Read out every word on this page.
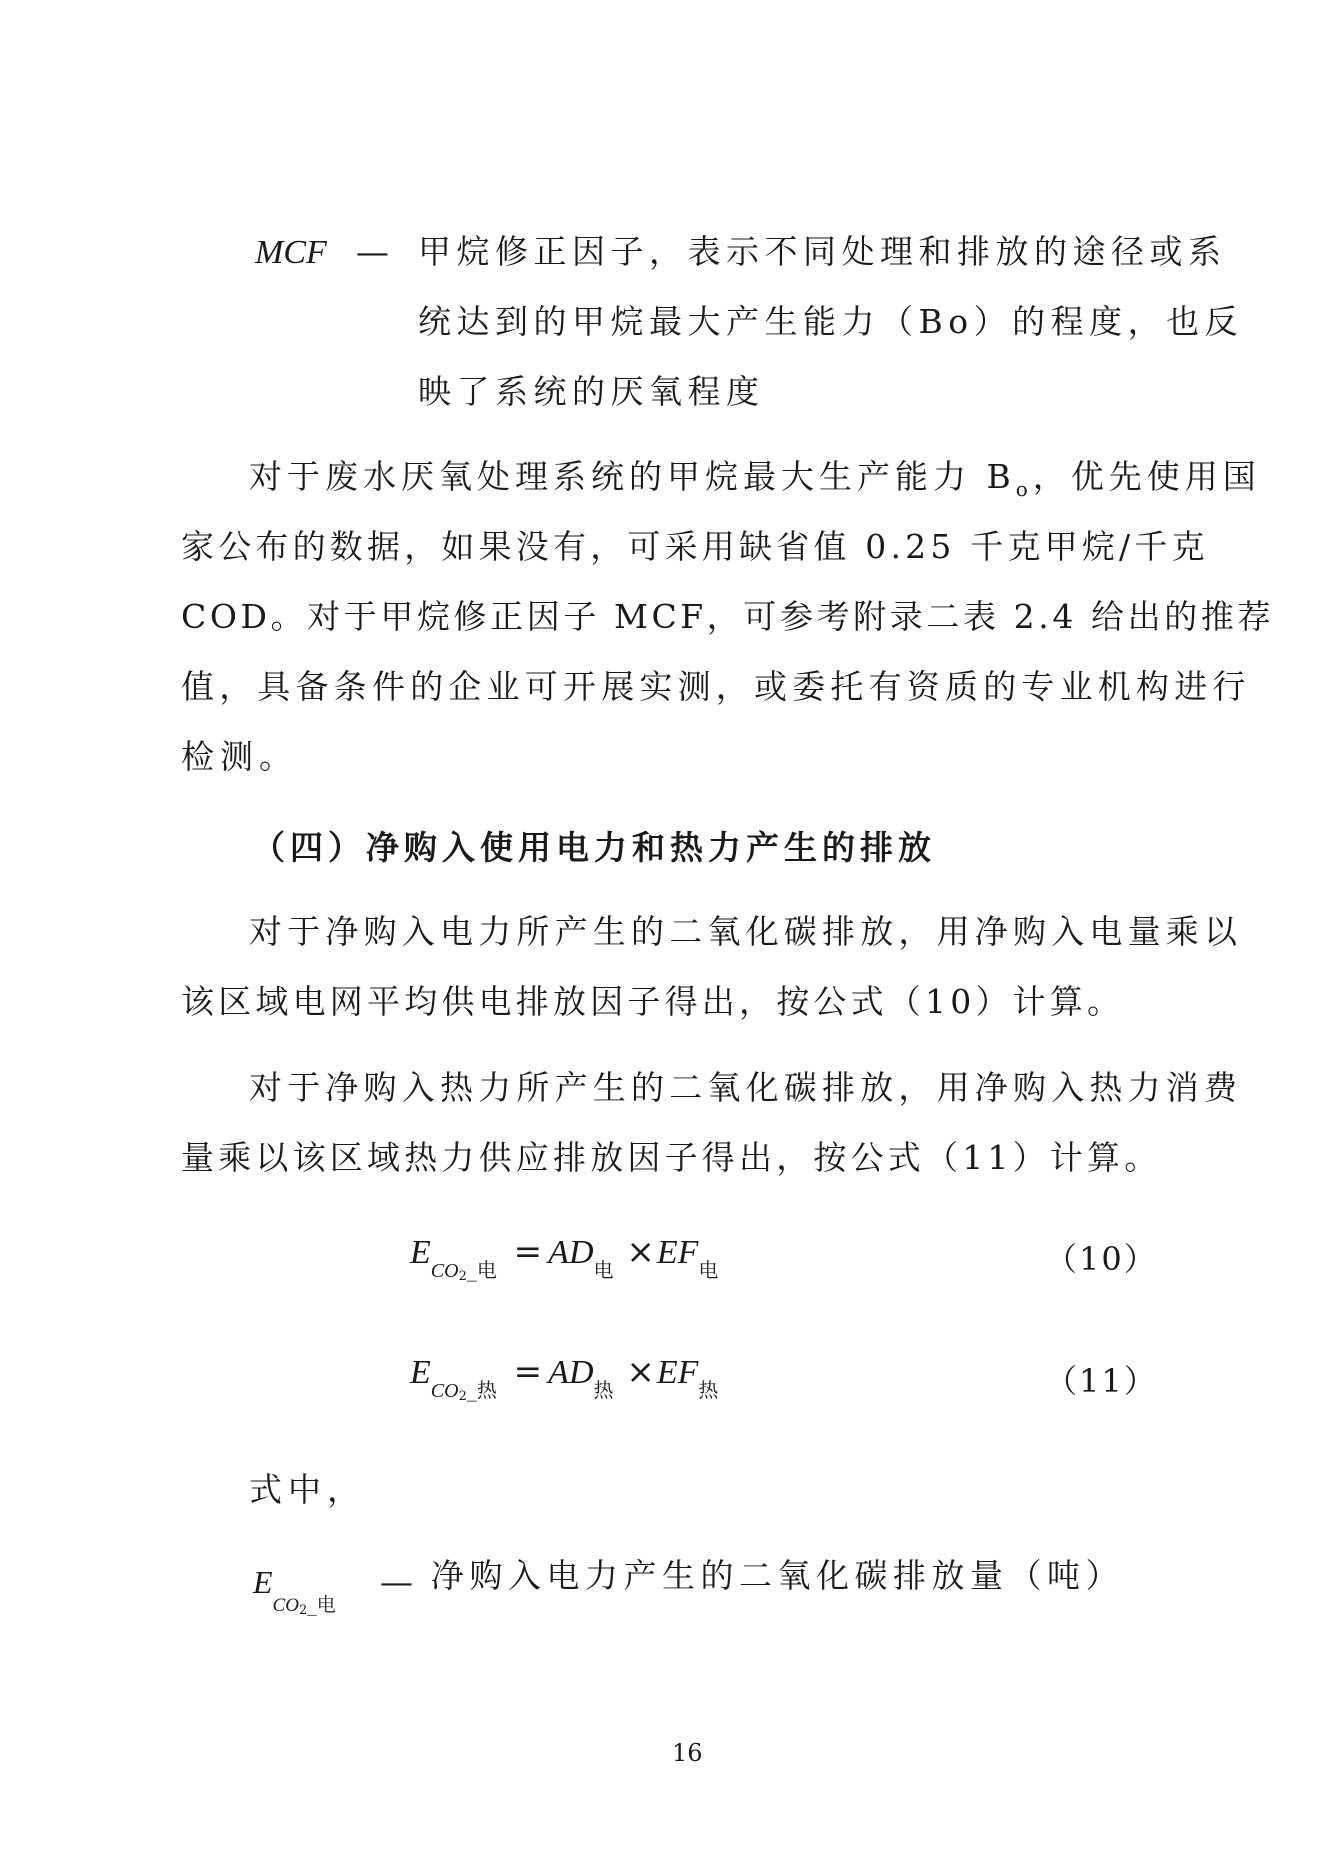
MCF — 甲烷修正因子，表示不同处理和排放的途径或系
统达到的甲烷最大产生能力（Bo）的程度，也反
映了系统的厌氧程度
对于废水厌氧处理系统的甲烷最大生产能力 $B_o$，优先使用国
家公布的数据，如果没有，可采用缺省值 0.25 千克甲烷/千克
COD。对于甲烷修正因子 MCF，可参考附录二表 2.4 给出的推荐
值，具备条件的企业可开展实测，或委托有资质的专业机构进行
检测。
（四）净购入使用电力和热力产生的排放
对于净购入电力所产生的二氧化碳排放，用净购入电量乘以
该区域电网平均供电排放因子得出，按公式（10）计算。
对于净购入热力所产生的二氧化碳排放，用净购入热力消费
量乘以该区域热力供应排放因子得出，按公式（11）计算。
$E_{CO2\_电} = AD_电 \times EF_电$	（10）
$E_{CO2\_热} = AD_热 \times EF_热$	（11）
式中，
$E_{CO2\_电}$
— 净购入电力产生的二氧化碳排放量（吨）
16
